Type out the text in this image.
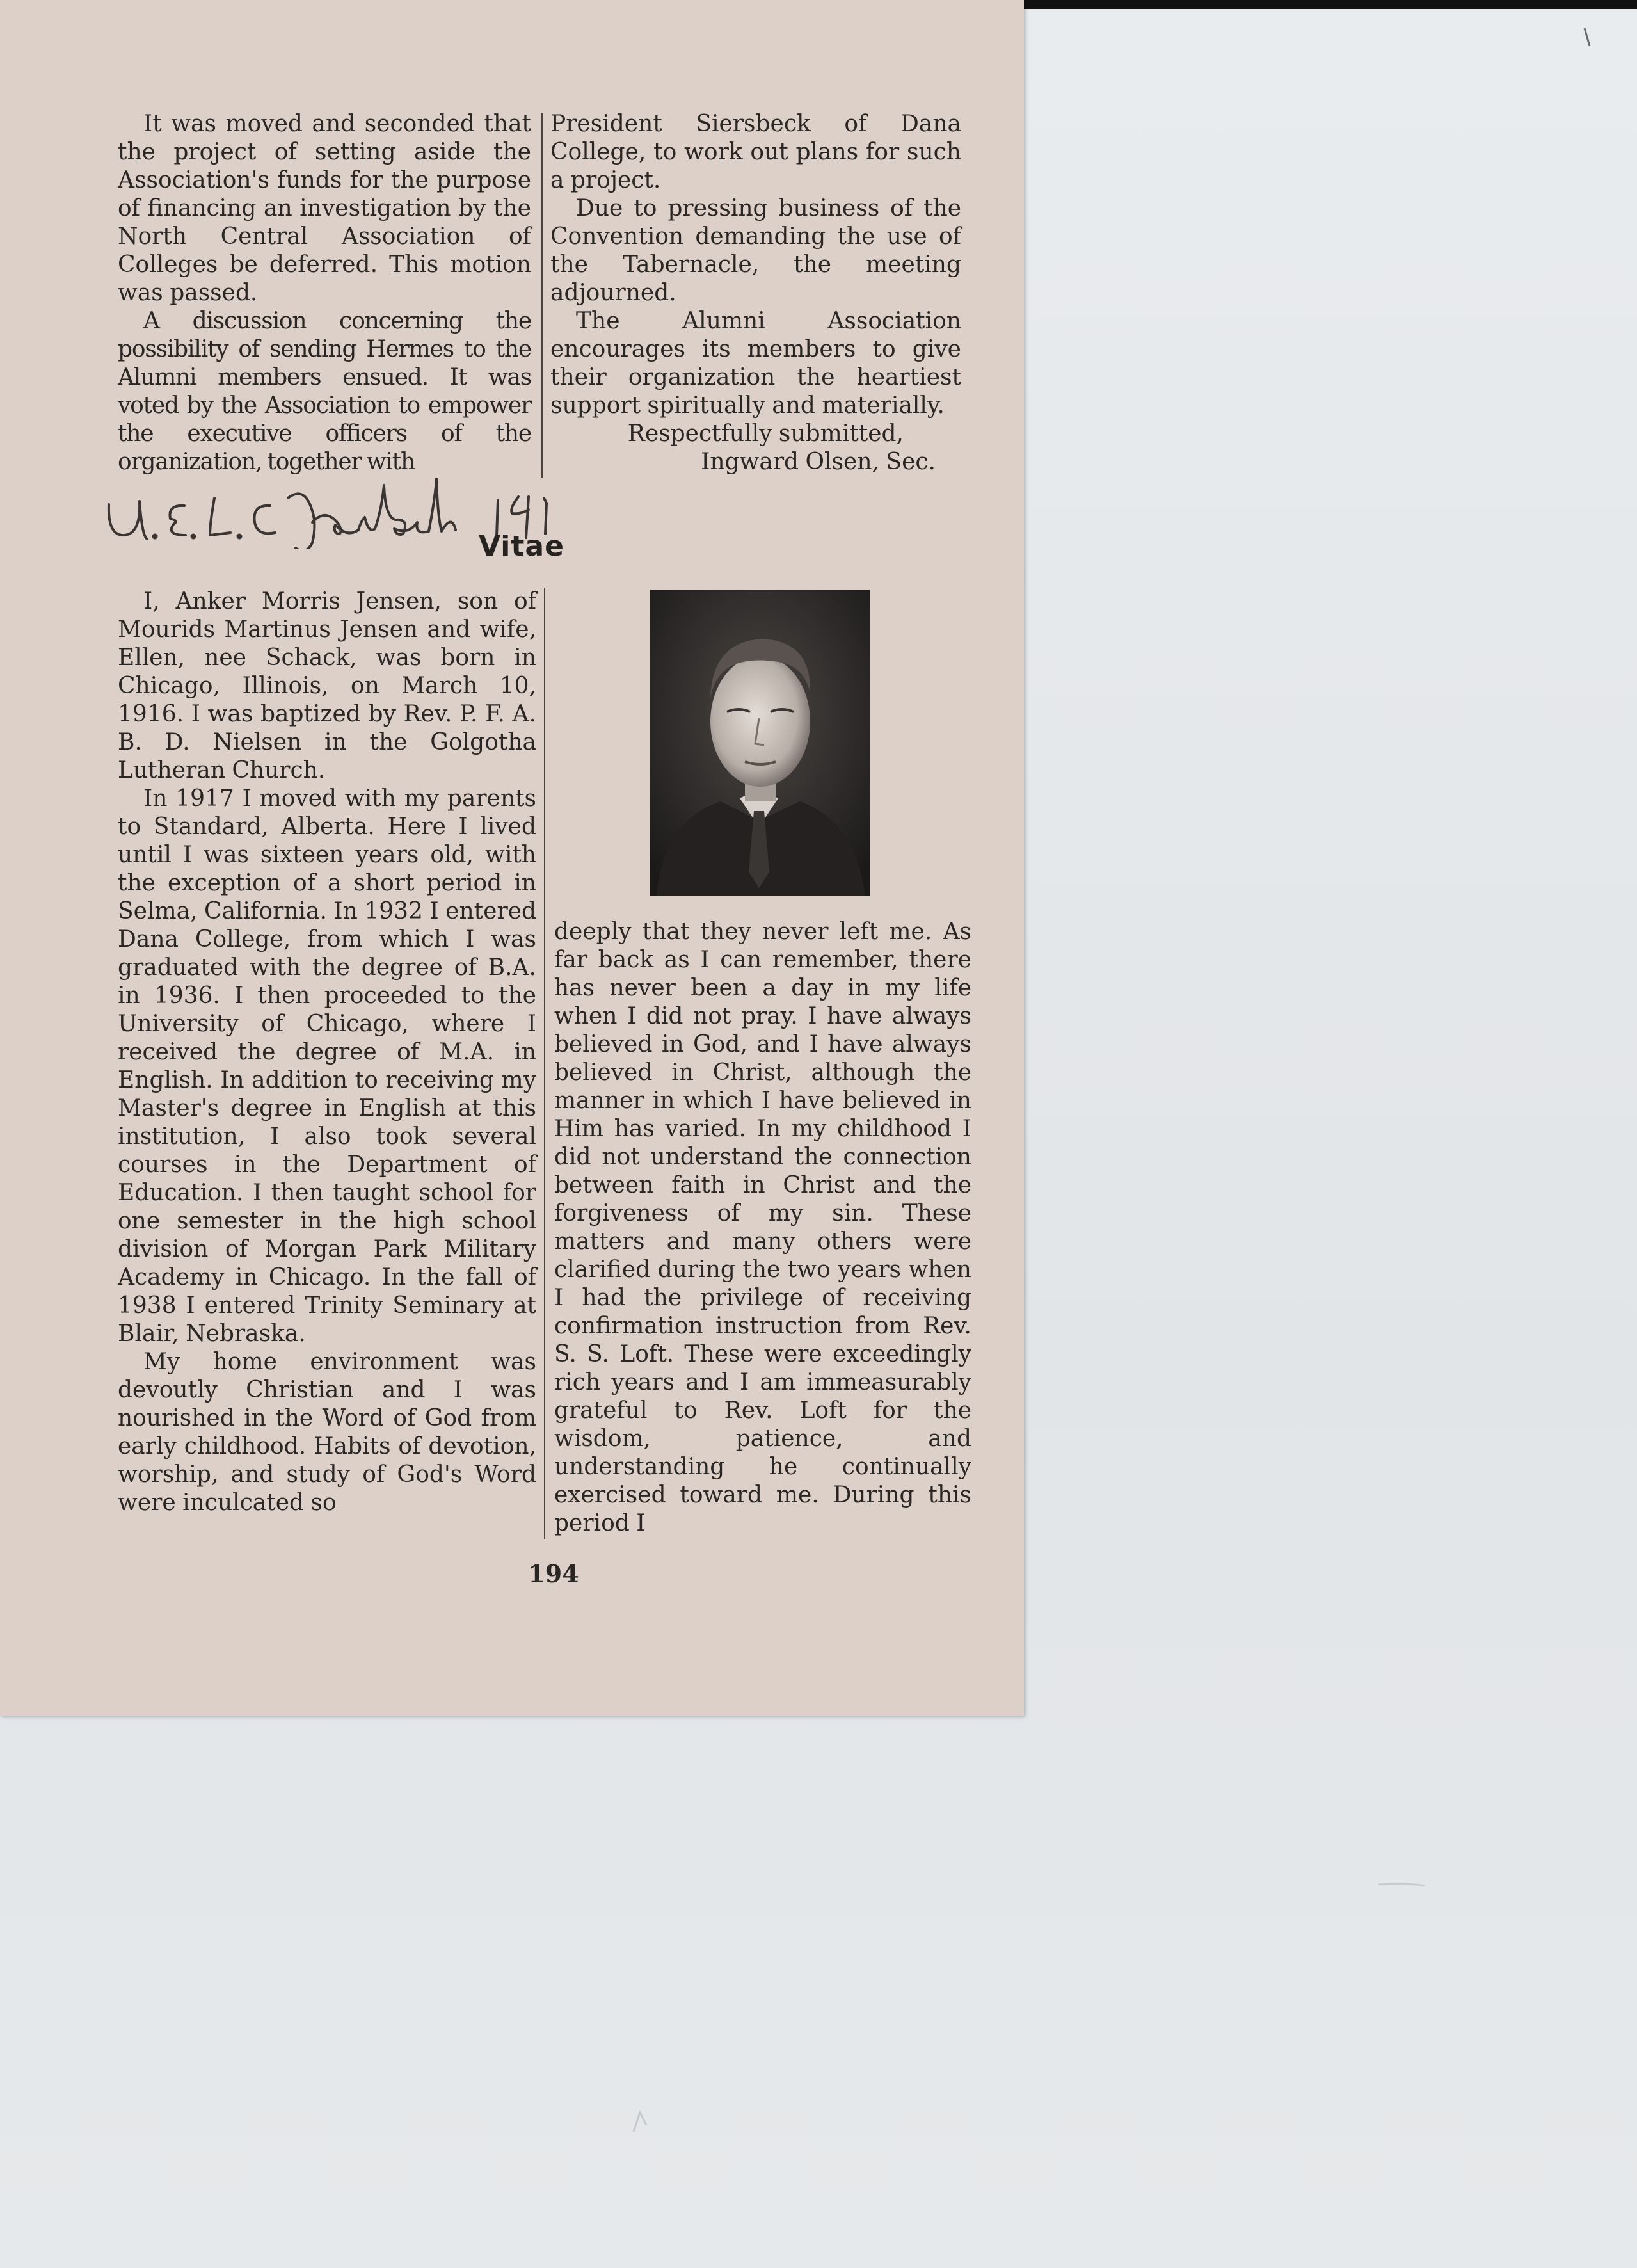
It was moved and seconded that the project of setting aside the Association's funds for the purpose of financing an investigation by the North Central Association of Colleges be deferred. This motion was passed.

A discussion concerning the possibility of sending Hermes to the Alumni members ensued. It was voted by the Association to empower the executive officers of the organization, together with

President Siersbeck of Dana College, to work out plans for such a project.

Due to pressing business of the Convention demanding the use of the Tabernacle, the meeting adjourned.

The Alumni Association encourages its members to give their organization the heartiest support spiritually and materially.

Respectfully submitted,

Ingward Olsen, Sec.

Vitae

I, Anker Morris Jensen, son of Mourids Martinus Jensen and wife, Ellen, nee Schack, was born in Chicago, Illinois, on March 10, 1916. I was baptized by Rev. P. F. A. B. D. Nielsen in the Golgotha Lutheran Church.

In 1917 I moved with my parents to Standard, Alberta. Here I lived until I was sixteen years old, with the exception of a short period in Selma, California. In 1932 I entered Dana College, from which I was graduated with the degree of B.A. in 1936. I then proceeded to the University of Chicago, where I received the degree of M.A. in English. In addition to receiving my Master's degree in English at this institution, I also took several courses in the Department of Education. I then taught school for one semester in the high school division of Morgan Park Military Academy in Chicago. In the fall of 1938 I entered Trinity Seminary at Blair, Nebraska.

My home environment was devoutly Christian and I was nourished in the Word of God from early childhood. Habits of devotion, worship, and study of God's Word were inculcated so

deeply that they never left me. As far back as I can remember, there has never been a day in my life when I did not pray. I have always believed in God, and I have always believed in Christ, although the manner in which I have believed in Him has varied. In my childhood I did not understand the connection between faith in Christ and the forgiveness of my sin. These matters and many others were clarified during the two years when I had the privilege of receiving confirmation instruction from Rev. S. S. Loft. These were exceedingly rich years and I am immeasurably grateful to Rev. Loft for the wisdom, patience, and understanding he continually exercised toward me. During this period I

194
